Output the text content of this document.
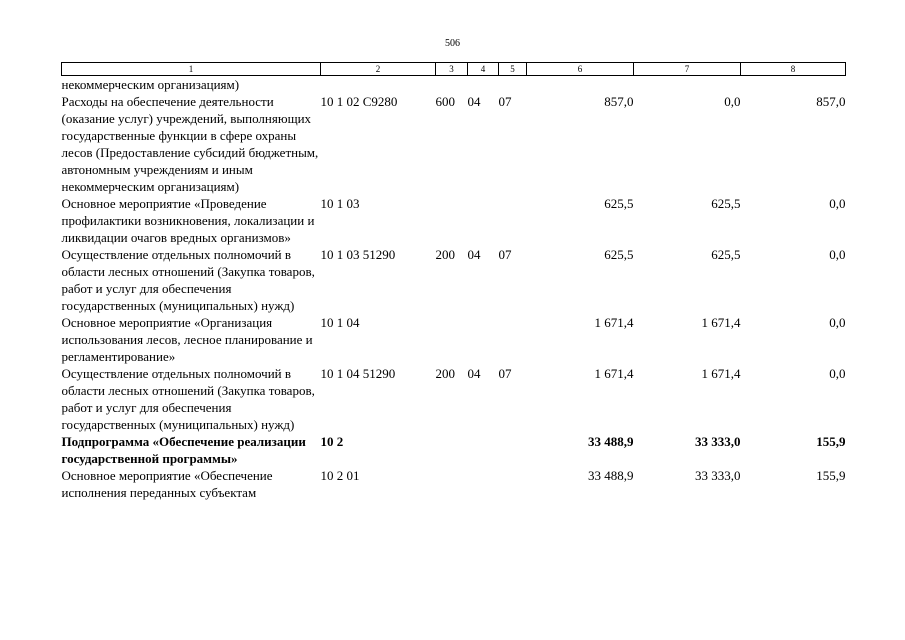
506
1	2	3	4	5	6	7	8
некоммерческим организациям)							
Расходы на обеспечение деятельности (оказание услуг) учреждений, выполняющих государственные функции в сфере охраны лесов (Предоставление субсидий бюджетным, автономным учреждениям и иным некоммерческим организациям)	10 1 02 С9280	600	04	07	857,0	0,0	857,0
Основное мероприятие «Проведение профилактики возникновения, локализации и ликвидации очагов вредных организмов»	10 1 03				625,5	625,5	0,0
Осуществление отдельных полномочий в области лесных отношений (Закупка товаров, работ и услуг для обеспечения государственных (муниципальных) нужд)	10 1 03 51290	200	04	07	625,5	625,5	0,0
Основное мероприятие «Организация использования лесов, лесное планирование и регламентирование»	10 1 04				1 671,4	1 671,4	0,0
Осуществление отдельных полномочий в области лесных отношений (Закупка товаров, работ и услуг для обеспечения государственных (муниципальных) нужд)	10 1 04 51290	200	04	07	1 671,4	1 671,4	0,0
Подпрограмма «Обеспечение реализации государственной программы»	10 2				33 488,9	33 333,0	155,9
Основное мероприятие «Обеспечение исполнения переданных субъектам	10 2 01				33 488,9	33 333,0	155,9
